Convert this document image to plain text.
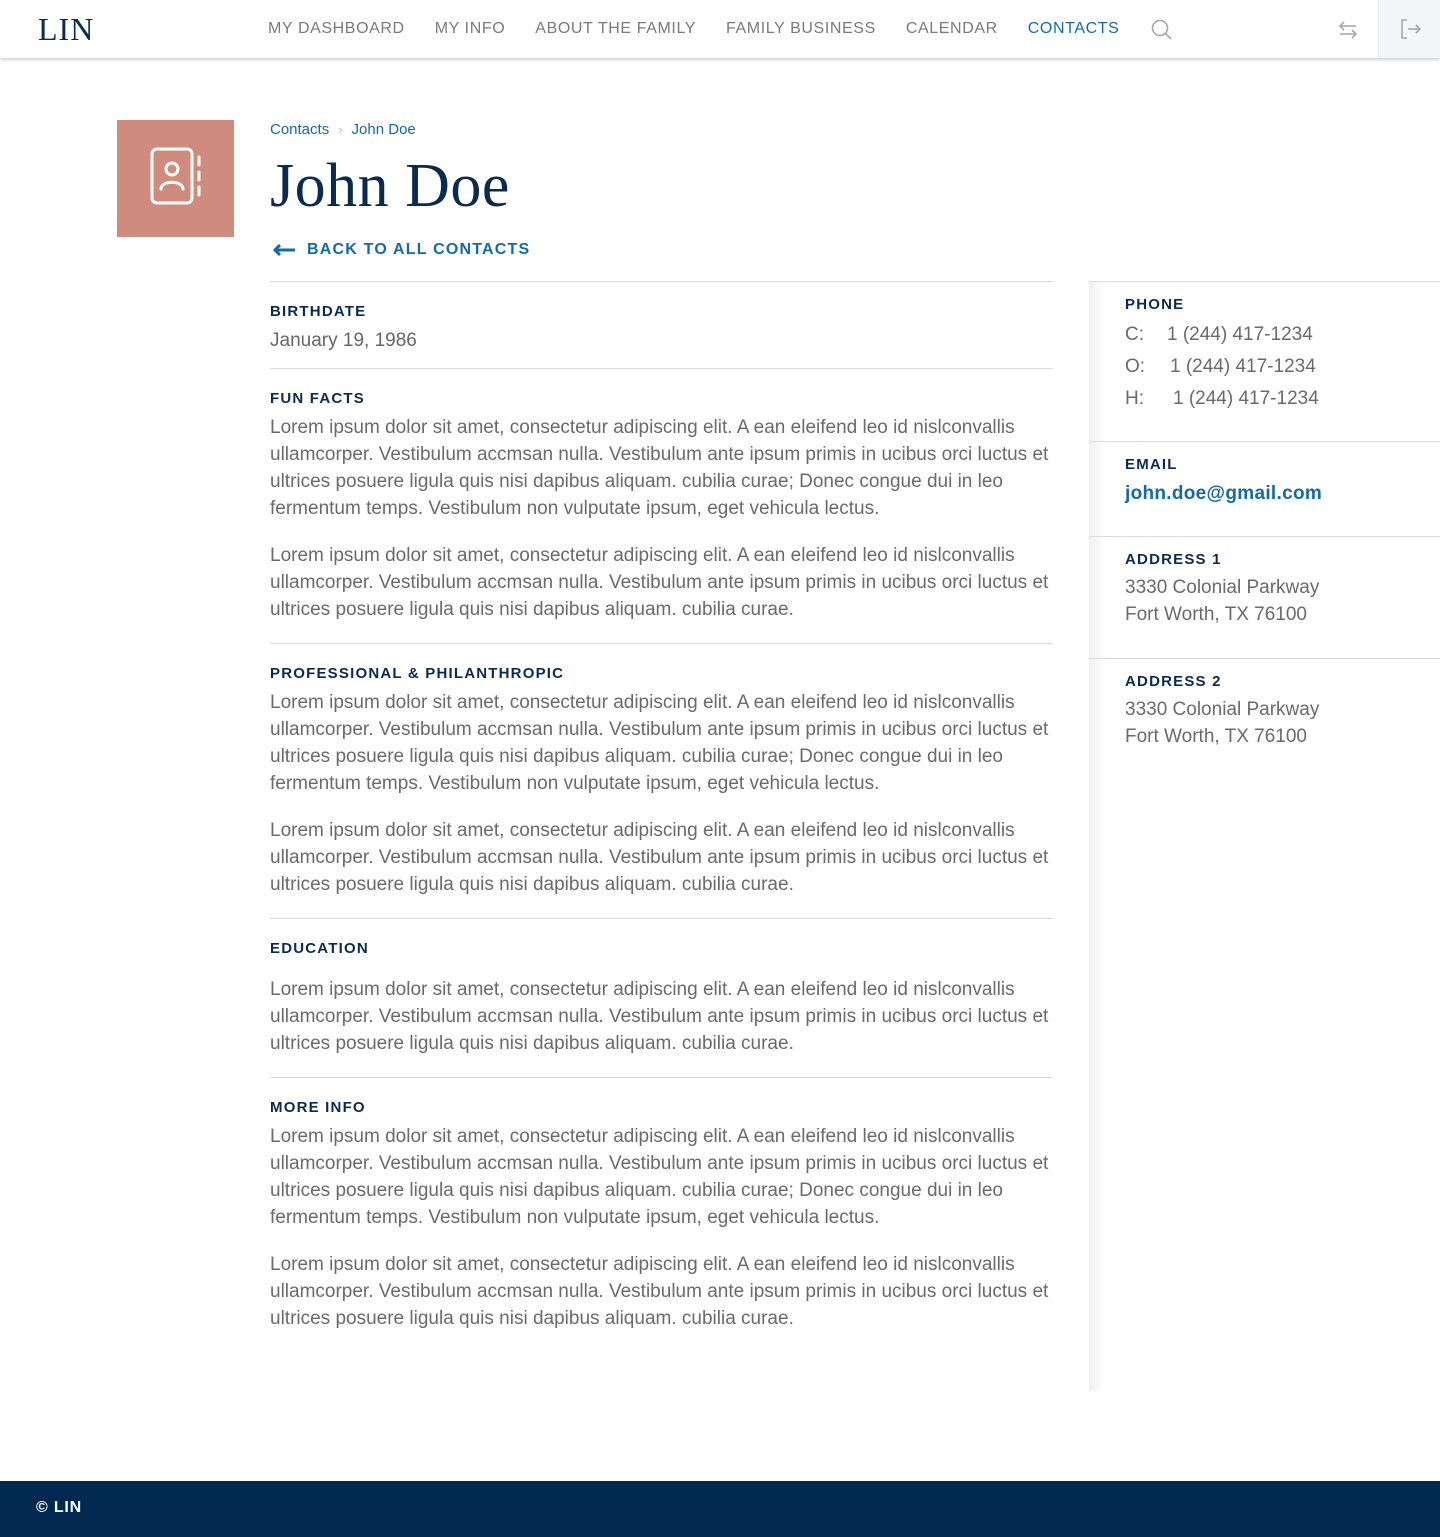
LIN	MY DASHBOARD MY INFO ABOUT THE FAMILY FAMILY BUSINESS CALENDAR CONTACTS
Contacts › John Doe
John Doe
BACK TO ALL CONTACTS
BIRTHDATE
January 19, 1986
FUN FACTS

Lorem ipsum dolor sit amet, consectetur adipiscing elit. A ean eleifend leo id nislconvallis ullamcorper. Vestibulum accmsan nulla. Vestibulum ante ipsum primis in ucibus orci luctus et ultrices posuere ligula quis nisi dapibus aliquam. cubilia curae; Donec congue dui in leo fermentum temps. Vestibulum non vulputate ipsum, eget vehicula lectus.

Lorem ipsum dolor sit amet, consectetur adipiscing elit. A ean eleifend leo id nislconvallis ullamcorper. Vestibulum accmsan nulla. Vestibulum ante ipsum primis in ucibus orci luctus et ultrices posuere ligula quis nisi dapibus aliquam. cubilia curae.

PROFESSIONAL & PHILANTHROPIC

Lorem ipsum dolor sit amet, consectetur adipiscing elit. A ean eleifend leo id nislconvallis ullamcorper. Vestibulum accmsan nulla. Vestibulum ante ipsum primis in ucibus orci luctus et ultrices posuere ligula quis nisi dapibus aliquam. cubilia curae; Donec congue dui in leo fermentum temps. Vestibulum non vulputate ipsum, eget vehicula lectus.

Lorem ipsum dolor sit amet, consectetur adipiscing elit. A ean eleifend leo id nislconvallis ullamcorper. Vestibulum accmsan nulla. Vestibulum ante ipsum primis in ucibus orci luctus et ultrices posuere ligula quis nisi dapibus aliquam. cubilia curae.

EDUCATION

Lorem ipsum dolor sit amet, consectetur adipiscing elit. A ean eleifend leo id nislconvallis ullamcorper. Vestibulum accmsan nulla. Vestibulum ante ipsum primis in ucibus orci luctus et ultrices posuere ligula quis nisi dapibus aliquam. cubilia curae.

MORE INFO

Lorem ipsum dolor sit amet, consectetur adipiscing elit. A ean eleifend leo id nislconvallis ullamcorper. Vestibulum accmsan nulla. Vestibulum ante ipsum primis in ucibus orci luctus et ultrices posuere ligula quis nisi dapibus aliquam. cubilia curae; Donec congue dui in leo fermentum temps. Vestibulum non vulputate ipsum, eget vehicula lectus.

Lorem ipsum dolor sit amet, consectetur adipiscing elit. A ean eleifend leo id nislconvallis ullamcorper. Vestibulum accmsan nulla. Vestibulum ante ipsum primis in ucibus orci luctus et ultrices posuere ligula quis nisi dapibus aliquam. cubilia curae.

PHONE
C:	1 (244) 417-1234
O:	1 (244) 417-1234
H:	1 (244) 417-1234
EMAIL
john.doe@gmail.com
ADDRESS 1
3330 Colonial Parkway
Fort Worth, TX 76100
ADDRESS 2
3330 Colonial Parkway
Fort Worth, TX 76100
© LIN
